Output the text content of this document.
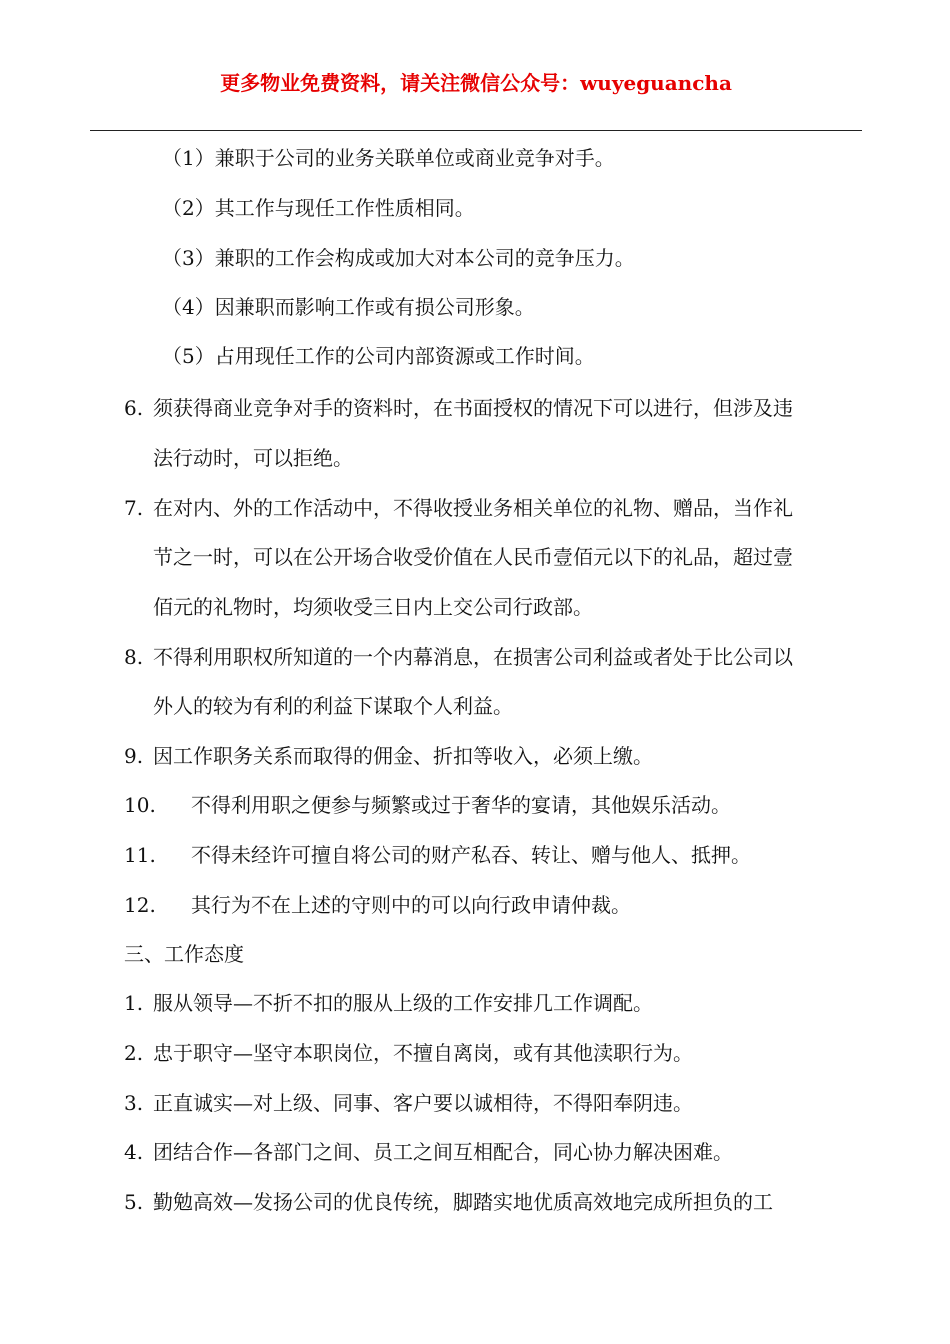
更多物业免费资料，请关注微信公众号：wuyeguancha
（1）兼职于公司的业务关联单位或商业竞争对手。
（2）其工作与现任工作性质相同。
（3）兼职的工作会构成或加大对本公司的竞争压力。
（4）因兼职而影响工作或有损公司形象。
（5）占用现任工作的公司内部资源或工作时间。
6. 须获得商业竞争对手的资料时，在书面授权的情况下可以进行，但涉及违
法行动时，可以拒绝。
7. 在对内、外的工作活动中，不得收授业务相关单位的礼物、赠品，当作礼
节之一时，可以在公开场合收受价值在人民币壹佰元以下的礼品，超过壹
佰元的礼物时，均须收受三日内上交公司行政部。
8. 不得利用职权所知道的一个内幕消息，在损害公司利益或者处于比公司以
外人的较为有利的利益下谋取个人利益。
9. 因工作职务关系而取得的佣金、折扣等收入，必须上缴。
10. 不得利用职之便参与频繁或过于奢华的宴请，其他娱乐活动。
11. 不得未经许可擅自将公司的财产私吞、转让、赠与他人、抵押。
12. 其行为不在上述的守则中的可以向行政申请仲裁。
三、工作态度
1. 服从领导—不折不扣的服从上级的工作安排几工作调配。
2. 忠于职守—坚守本职岗位，不擅自离岗，或有其他渎职行为。
3. 正直诚实—对上级、同事、客户要以诚相待，不得阳奉阴违。
4. 团结合作—各部门之间、员工之间互相配合，同心协力解决困难。
5. 勤勉高效—发扬公司的优良传统，脚踏实地优质高效地完成所担负的工
